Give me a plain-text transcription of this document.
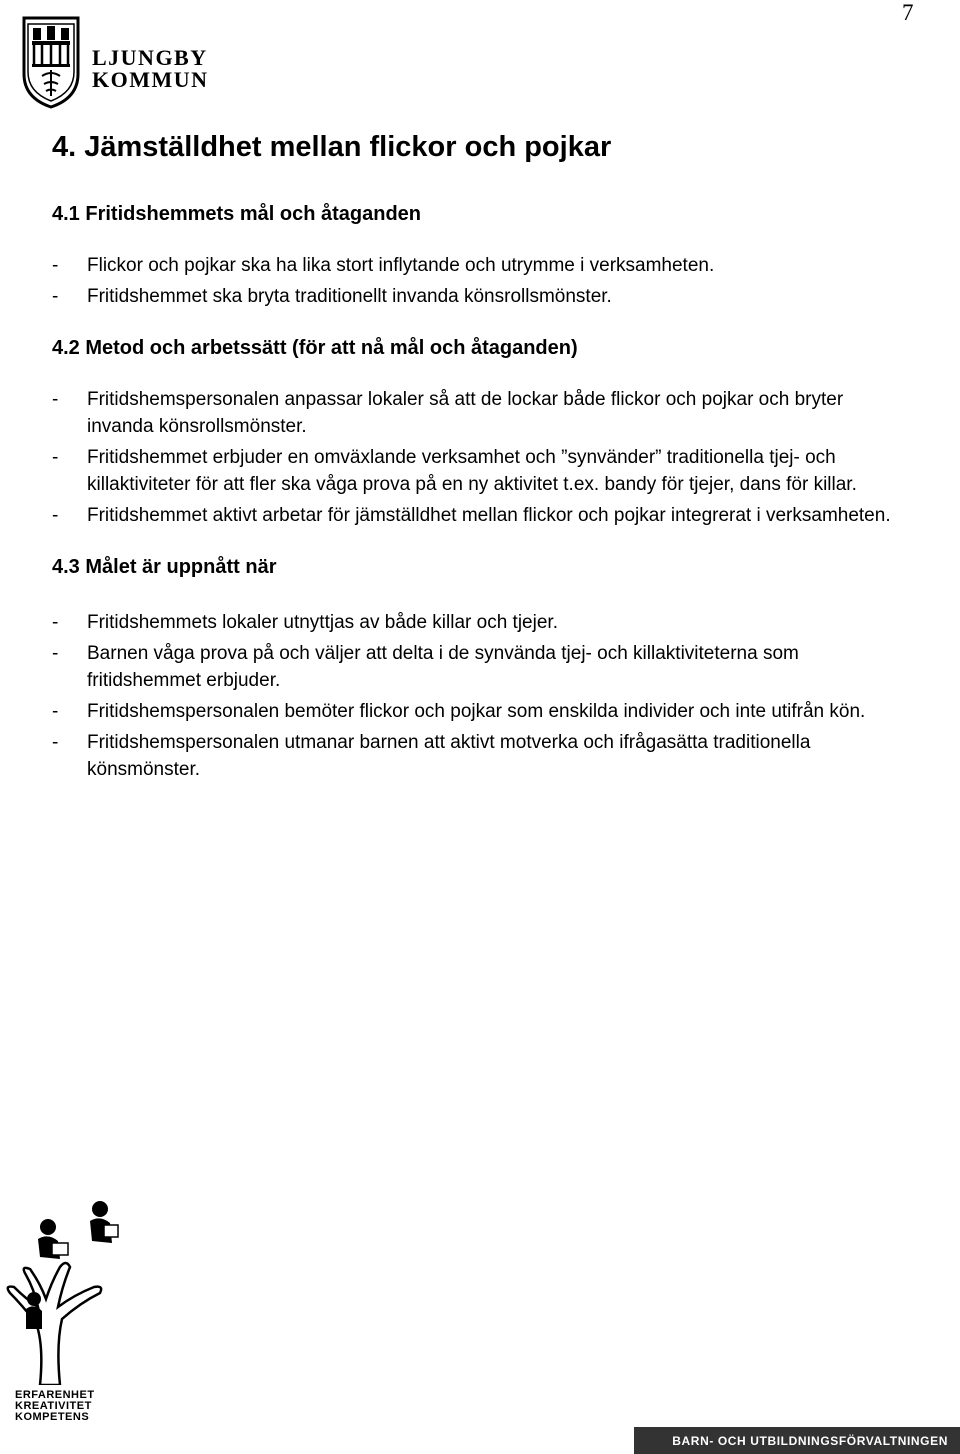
7
LJUNGBY
KOMMUN
4. Jämställdhet mellan flickor och pojkar
4.1 Fritidshemmets mål och åtaganden
- Flickor och pojkar ska ha lika stort inflytande och utrymme i verksamheten.
- Fritidshemmet ska bryta traditionellt invanda könsrollsmönster.
4.2 Metod och arbetssätt (för att nå mål och åtaganden)
- Fritidshemspersonalen anpassar lokaler så att de lockar både flickor och pojkar och bryter invanda könsrollsmönster.
- Fritidshemmet erbjuder en omväxlande verksamhet och ”synvänder” traditionella tjej- och killaktiviteter för att fler ska våga prova på en ny aktivitet t.ex. bandy för tjejer, dans för killar.
- Fritidshemmet aktivt arbetar för jämställdhet mellan flickor och pojkar integrerat i verksamheten.
4.3 Målet är uppnått när
- Fritidshemmets lokaler utnyttjas av både killar och tjejer.
- Barnen våga prova på och väljer att delta i de synvända tjej- och killaktiviteterna som fritidshemmet erbjuder.
- Fritidshemspersonalen bemöter flickor och pojkar som enskilda individer och inte utifrån kön.
- Fritidshemspersonalen utmanar barnen att aktivt motverka och ifrågasätta traditionella könsmönster.
ERFARENHET
KREATIVITET
KOMPETENS
BARN- OCH UTBILDNINGSFÖRVALTNINGEN
